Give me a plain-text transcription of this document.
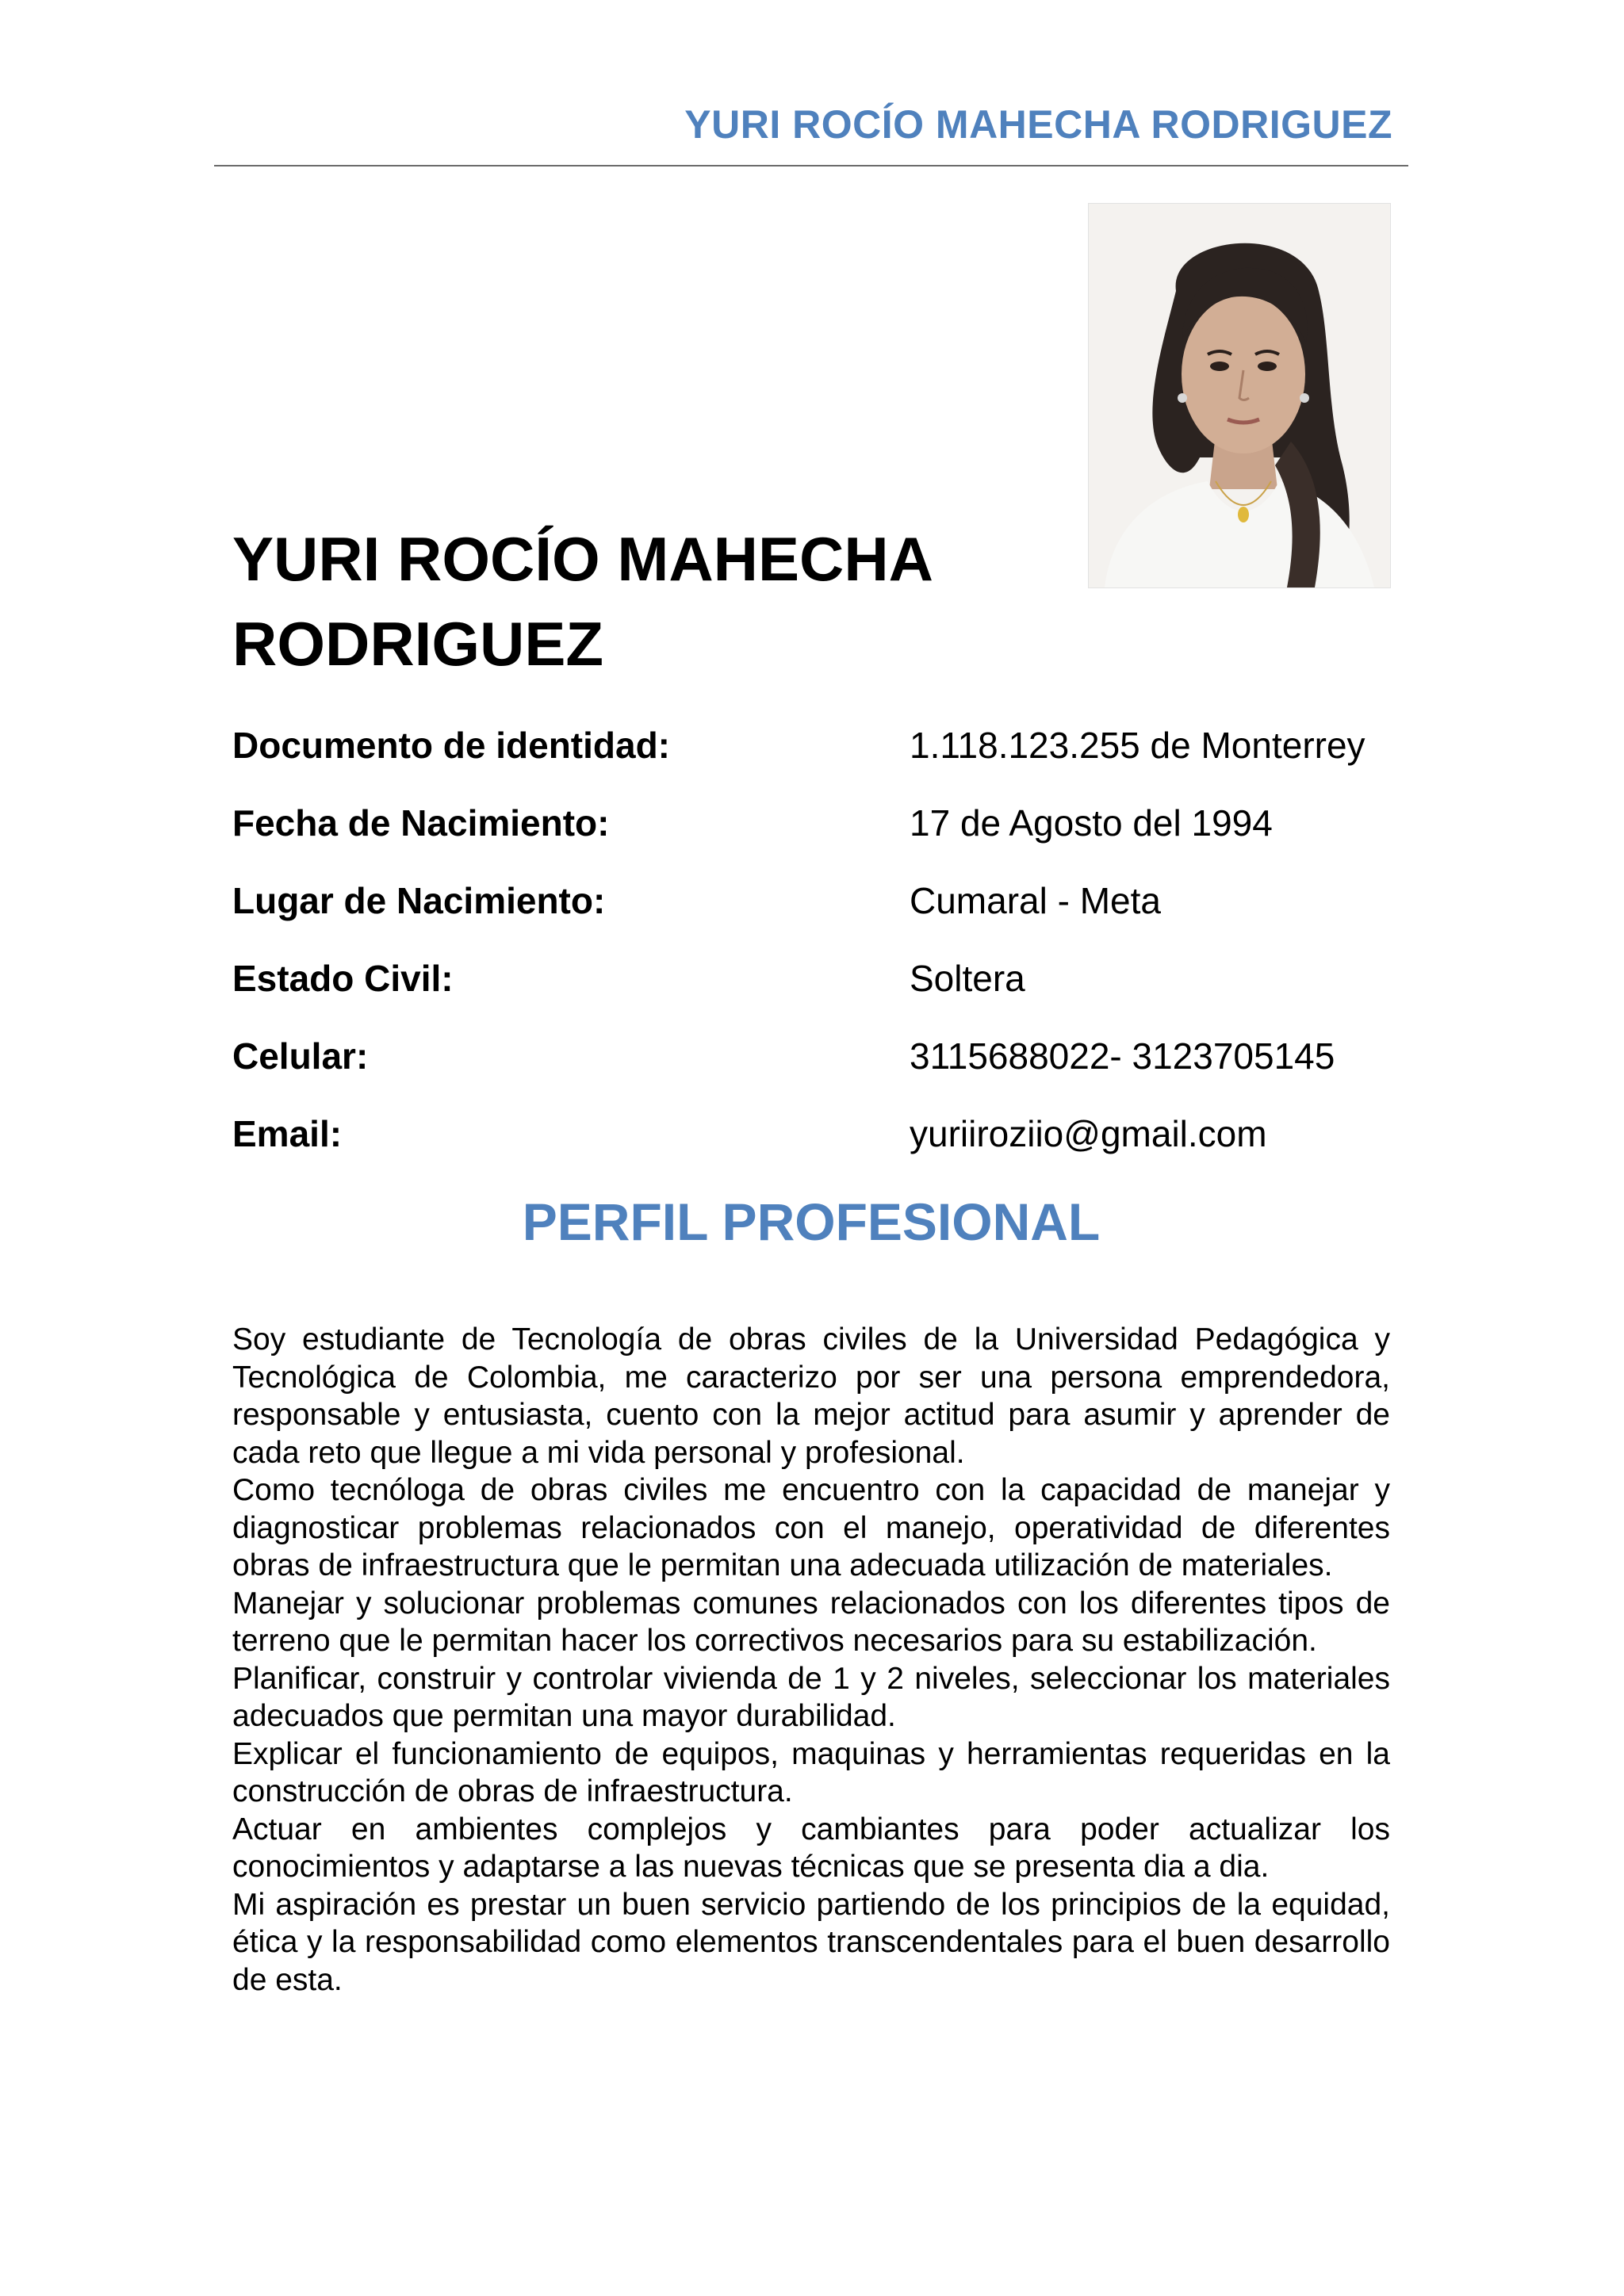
YURI ROCÍO MAHECHA RODRIGUEZ
YURI ROCÍO MAHECHA
RODRIGUEZ
Documento de identidad:	1.118.123.255 de Monterrey
Fecha de Nacimiento:	17 de Agosto del 1994
Lugar de Nacimiento:	Cumaral - Meta
Estado Civil:	Soltera
Celular:	3115688022- 3123705145
Email:	yuriiroziio@gmail.com
PERFIL PROFESIONAL

Soy estudiante de Tecnología de obras civiles de la Universidad Pedagógica y Tecnológica de Colombia, me caracterizo por ser una persona emprendedora, responsable y entusiasta, cuento con la mejor actitud para asumir y aprender de cada reto que llegue a mi vida personal y profesional.

Como tecnóloga de obras civiles me encuentro con la capacidad de manejar y diagnosticar problemas relacionados con el manejo, operatividad de diferentes obras de infraestructura que le permitan una adecuada utilización de materiales.

Manejar y solucionar problemas comunes relacionados con los diferentes tipos de terreno que le permitan hacer los correctivos necesarios para su estabilización.

Planificar, construir y controlar vivienda de 1 y 2 niveles, seleccionar los materiales adecuados que permitan una mayor durabilidad.

Explicar el funcionamiento de equipos, maquinas y herramientas requeridas en la construcción de obras de infraestructura.

Actuar en ambientes complejos y cambiantes para poder actualizar los conocimientos y adaptarse a las nuevas técnicas que se presenta dia a dia.

Mi aspiración es prestar un buen servicio partiendo de los principios de la equidad, ética y la responsabilidad como elementos transcendentales para el buen desarrollo de esta.
